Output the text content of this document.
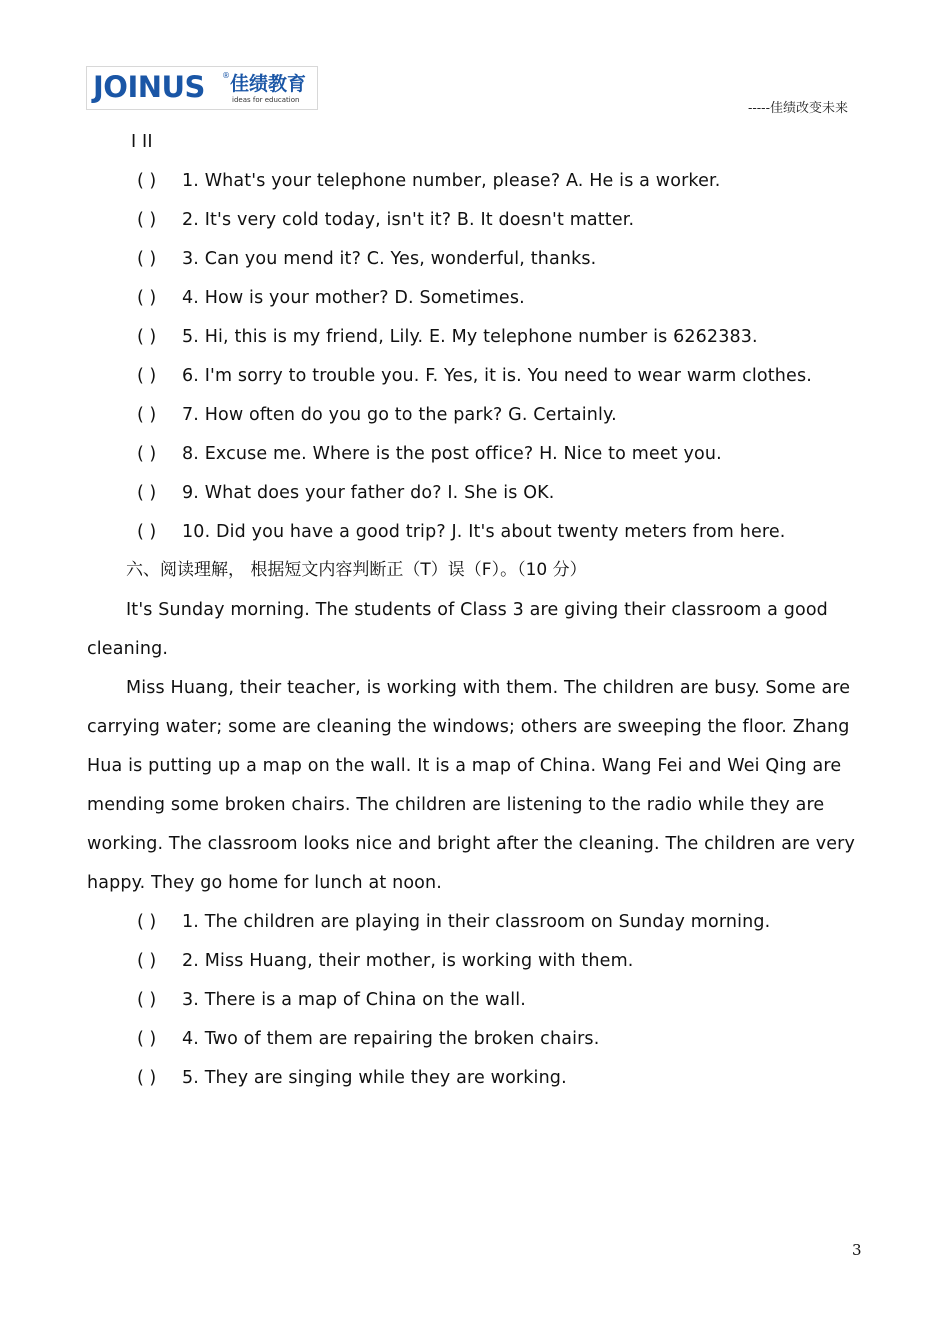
JOINUS ® 佳绩教育
ideas for education
-----佳绩改变未来
I II
( ) 1. What's your telephone number, please? A. He is a worker.
( ) 2. It's very cold today, isn't it? B. It doesn't matter.
( ) 3. Can you mend it? C. Yes, wonderful, thanks.
( ) 4. How is your mother? D. Sometimes.
( ) 5. Hi, this is my friend, Lily. E. My telephone number is 6262383.
( ) 6. I'm sorry to trouble you. F. Yes, it is. You need to wear warm clothes.
( ) 7. How often do you go to the park? G. Certainly.
( ) 8. Excuse me. Where is the post office? H. Nice to meet you.
( ) 9. What does your father do? I. She is OK.
( ) 10. Did you have a good trip? J. It's about twenty meters from here.
六、阅读理解， 根据短文内容判断正（T）误（F）。（10 分）
It's Sunday morning. The students of Class 3 are giving their classroom a good
cleaning.
Miss Huang, their teacher, is working with them. The children are busy. Some are
carrying water; some are cleaning the windows; others are sweeping the floor. Zhang
Hua is putting up a map on the wall. It is a map of China. Wang Fei and Wei Qing are
mending some broken chairs. The children are listening to the radio while they are
working. The classroom looks nice and bright after the cleaning. The children are very
happy. They go home for lunch at noon.
( ) 1. The children are playing in their classroom on Sunday morning.
( ) 2. Miss Huang, their mother, is working with them.
( ) 3. There is a map of China on the wall.
( ) 4. Two of them are repairing the broken chairs.
( ) 5. They are singing while they are working.
3
